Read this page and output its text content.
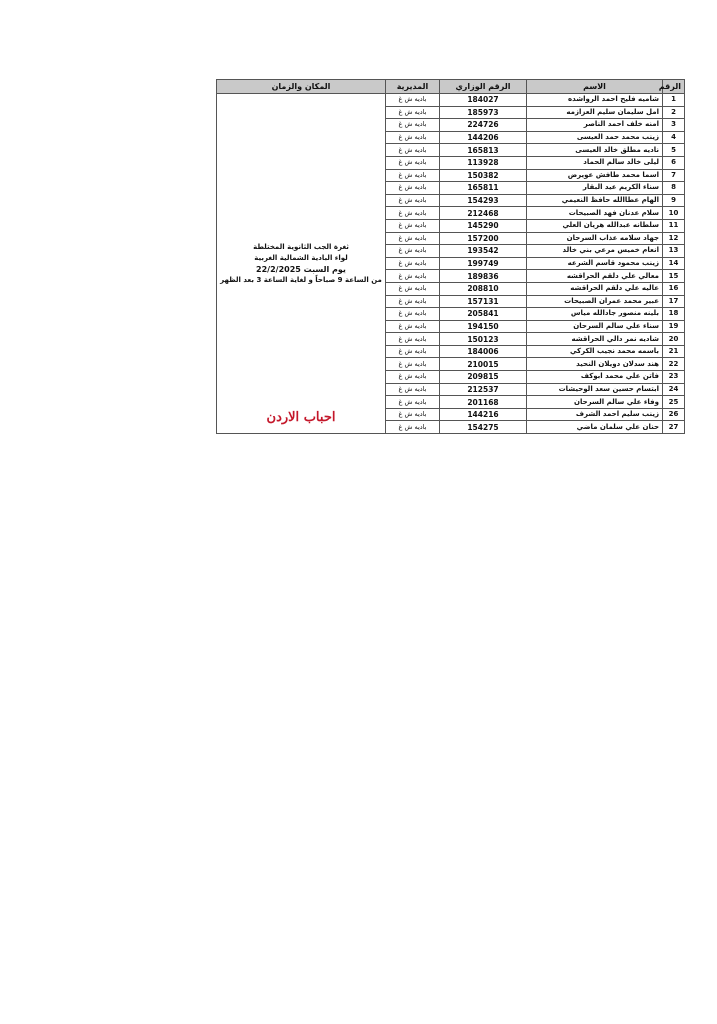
الرقم	الاسم	الرقم الوزاري	المديرية	المكان والزمان
1	شاميه فليح احمد الرواشده	184027	باديه ش غ	ثغرة الجب الثانوية المختلطة
لواء البادية الشمالية الغربية
يوم السبت 22/2/2025
من الساعة 9 صباحاً و لغاية الساعة 3 بعد الظهر
احباب الاردن

2	امل سليمان سليم العزازمه	185973	باديه ش غ	
3	امنه خلف احمد الناصر	224726	باديه ش غ	
4	زينب محمد حمد العيسى	144206	باديه ش غ	
5	ناديه مطلق خالد العيسى	165813	باديه ش غ	
6	ليلى خالد سالم الحماد	113928	باديه ش غ	
7	اسما محمد طافش عويرض	150382	باديه ش غ	
8	سناء الكريم عيد البقار	165811	باديه ش غ	
9	الهام عطاالله حافظ النعيمي	154293	باديه ش غ	
10	سلام عدنان فهد الصبيحات	212468	باديه ش غ	
11	سلطانه عبدالله هريان العلي	145290	باديه ش غ	
12	جهاد سلامه عذاب السرحان	157200	باديه ش غ	
13	انعام خميس مرعي بني خالد	193542	باديه ش غ	
14	زينب محمود قاسم الشرعه	199749	باديه ش غ	
15	معالي علي دلقم الحراقشه	189836	باديه ش غ	
16	عاليه علي دلقم الحراقشه	208810	باديه ش غ	
17	عبير محمد عمران الصبيحات	157131	باديه ش غ	
18	بلينه منصور جادالله مياس	205841	باديه ش غ	
19	سناء علي سالم السرحان	194150	باديه ش غ	
20	شاديه نمر دالي الحراقشه	150123	باديه ش غ	
21	باسمه محمد نجيب الكركي	184006	باديه ش غ	
22	هند سدلان دويلان النحيد	210015	باديه ش غ	
23	فاتن علي محمد ابوكف	209815	باديه ش غ	
24	ابتسام حسين سعد الوحيشات	212537	باديه ش غ	
25	وفاء علي سالم السرحان	201168	باديه ش غ	
26	زينب سليم احمد الشرف	144216	باديه ش غ	
27	حنان علي سلمان ماضي	154275	باديه ش غ	
